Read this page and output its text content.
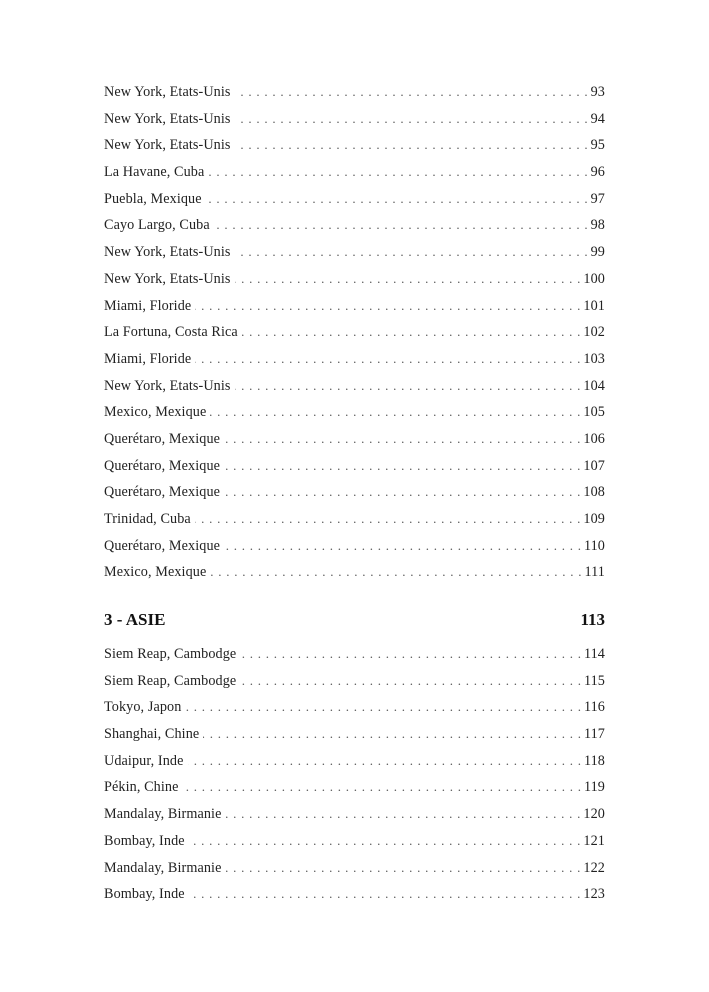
New York, Etats-Unis . . .	93
New York, Etats-Unis . . .	94
New York, Etats-Unis . . .	95
La Havane, Cuba . . .	96
Puebla, Mexique . . .	97
Cayo Largo, Cuba . . .	98
New York, Etats-Unis . . .	99
New York, Etats-Unis . . .	100
Miami, Floride . . .	101
La Fortuna, Costa Rica . . .	102
Miami, Floride . . .	103
New York, Etats-Unis . . .	104
Mexico, Mexique . . .	105
Querétaro, Mexique . . .	106
Querétaro, Mexique . . .	107
Querétaro, Mexique . . .	108
Trinidad, Cuba . . .	109
Querétaro, Mexique . . .	110
Mexico, Mexique . . .	111
3 - ASIE	113
Siem Reap, Cambodge . . .	114
Siem Reap, Cambodge . . .	115
Tokyo, Japon . . .	116
Shanghai, Chine . . .	117
Udaipur, Inde . . .	118
Pékin, Chine . . .	119
Mandalay, Birmanie . . .	120
Bombay, Inde . . .	121
Mandalay, Birmanie . . .	122
Bombay, Inde . . .	123
